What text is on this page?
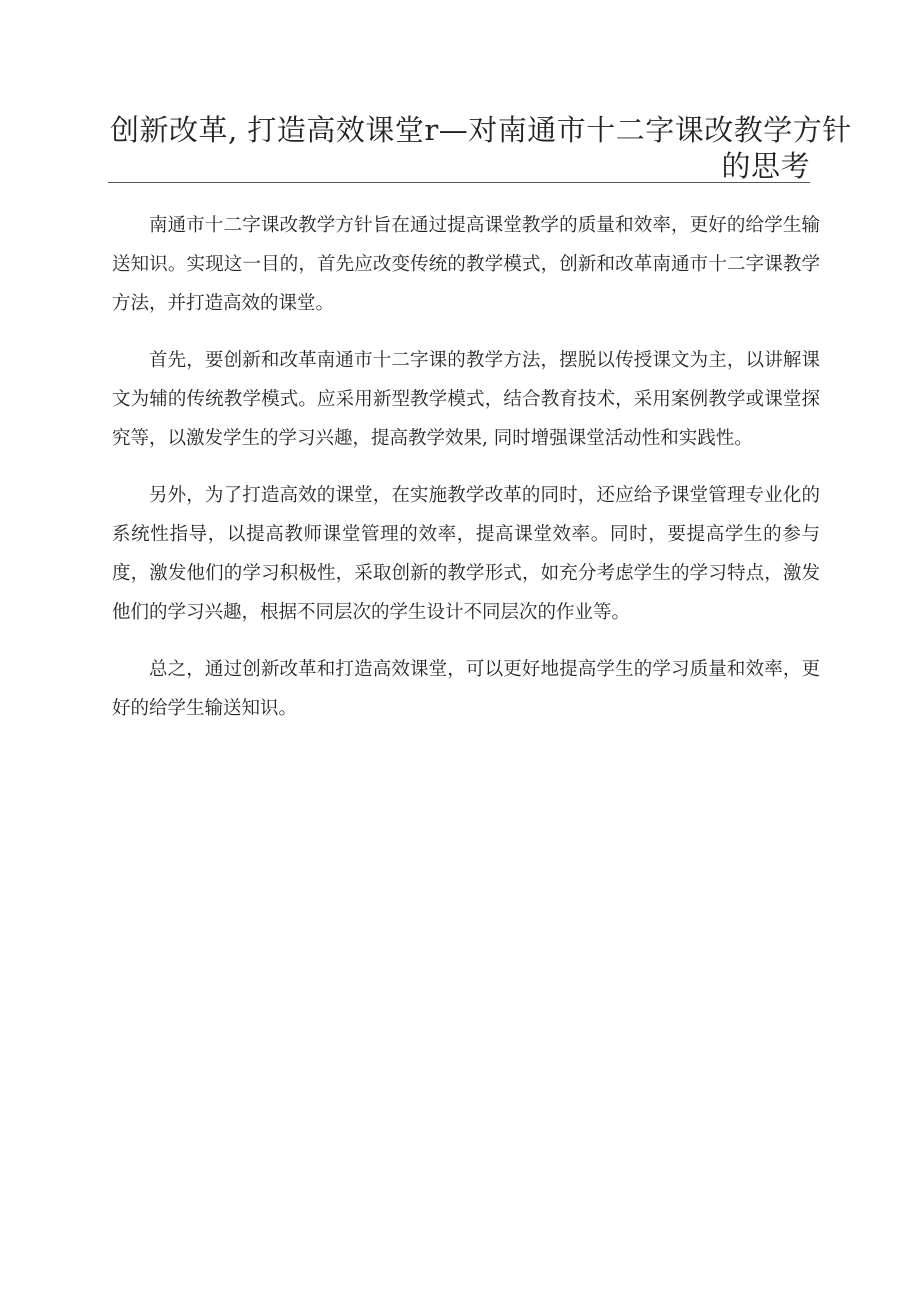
创新改革, 打造高效课堂r—对南通市十二字课改教学方针
的思考

南通市十二字课改教学方针旨在通过提高课堂教学的质量和效率，更好的给学生输送知识。实现这一目的，首先应改变传统的教学模式，创新和改革南通市十二字课教学方法，并打造高效的课堂。

首先，要创新和改革南通市十二字课的教学方法，摆脱以传授课文为主，以讲解课文为辅的传统教学模式。应采用新型教学模式，结合教育技术，采用案例教学或课堂探究等，以激发学生的学习兴趣，提高教学效果, 同时增强课堂活动性和实践性。

另外，为了打造高效的课堂，在实施教学改革的同时，还应给予课堂管理专业化的系统性指导，以提高教师课堂管理的效率，提高课堂效率。同时，要提高学生的参与度，激发他们的学习积极性，采取创新的教学形式，如充分考虑学生的学习特点，激发他们的学习兴趣，根据不同层次的学生设计不同层次的作业等。

总之，通过创新改革和打造高效课堂，可以更好地提高学生的学习质量和效率，更好的给学生输送知识。
